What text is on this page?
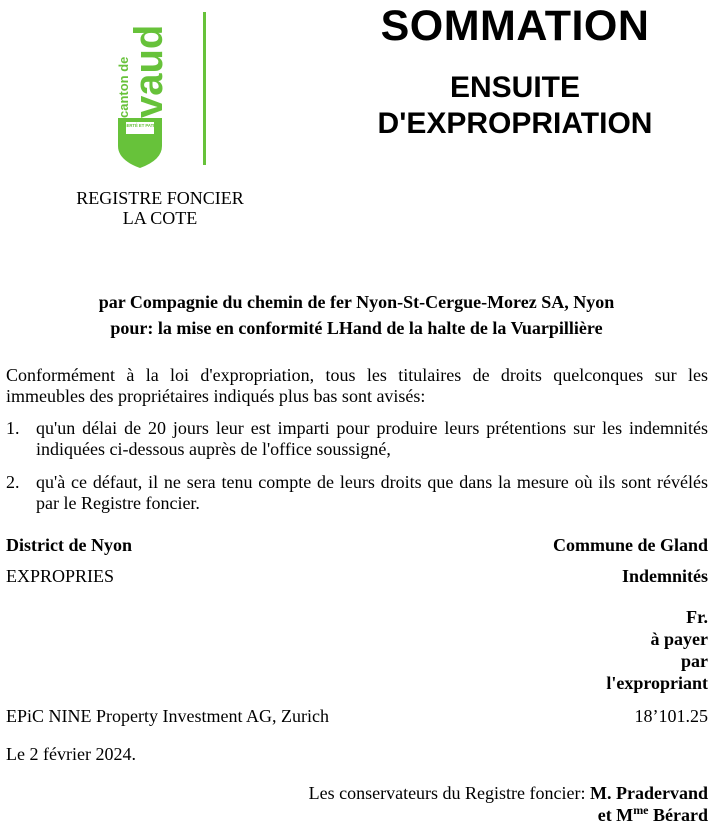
canton de
vaud
LIBERTÉ ET PATRIE
REGISTRE FONCIER
LA COTE
SOMMATION
ENSUITE
D'EXPROPRIATION
par Compagnie du chemin de fer Nyon-St-Cergue-Morez SA, Nyon
pour: la mise en conformité LHand de la halte de la Vuarpillière
Conformément à la loi d'expropriation, tous les titulaires de droits quelconques sur les immeubles des propriétaires indiqués plus bas sont avisés:
1. qu'un délai de 20 jours leur est imparti pour produire leurs prétentions sur les indemnités indiquées ci-dessous auprès de l'office soussigné,
2. qu'à ce défaut, il ne sera tenu compte de leurs droits que dans la mesure où ils sont révélés par le Registre foncier.
District de Nyon	Commune de Gland
EXPROPRIES	Indemnités
Fr.
à payer
par
l'expropriant
EPiC NINE Property Investment AG, Zurich	18’101.25
Le 2 février 2024.
Les conservateurs du Registre foncier: M. Pradervand
et $M^{me}$ Bérard
